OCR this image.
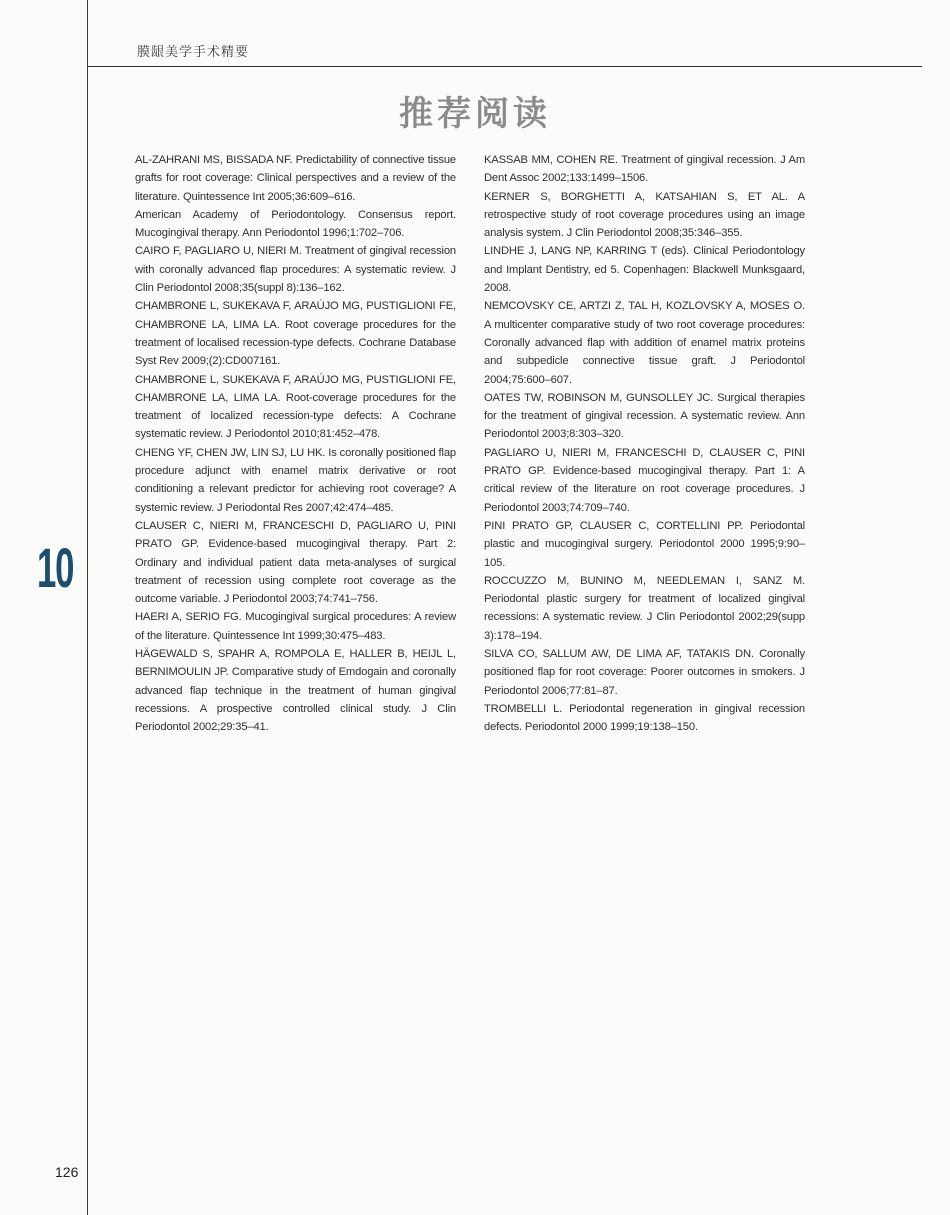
膜龈美学手术精要
推荐阅读
10

AL-ZAHRANI MS, BISSADA NF. Predictability of connective tissue grafts for root coverage: Clinical perspectives and a review of the literature. Quintessence Int 2005;36:609–616.

American Academy of Periodontology. Consensus report. Mucogingival therapy. Ann Periodontol 1996;1:702–706.

CAIRO F, PAGLIARO U, NIERI M. Treatment of gingival recession with coronally advanced flap procedures: A systematic review. J Clin Periodontol 2008;35(suppl 8):136–162.

CHAMBRONE L, SUKEKAVA F, ARAÚJO MG, PUSTIGLIONI FE, CHAMBRONE LA, LIMA LA. Root coverage procedures for the treatment of localised recession-type defects. Cochrane Database Syst Rev 2009;(2):CD007161.

CHAMBRONE L, SUKEKAVA F, ARAÚJO MG, PUSTIGLIONI FE, CHAMBRONE LA, LIMA LA. Root-coverage procedures for the treatment of localized recession-type defects: A Cochrane systematic review. J Periodontol 2010;81:452–478.

CHENG YF, CHEN JW, LIN SJ, LU HK. Is coronally positioned flap procedure adjunct with enamel matrix derivative or root conditioning a relevant predictor for achieving root coverage? A systemic review. J Periodontal Res 2007;42:474–485.

CLAUSER C, NIERI M, FRANCESCHI D, PAGLIARO U, PINI PRATO GP. Evidence-based mucogingival therapy. Part 2: Ordinary and individual patient data meta-analyses of surgical treatment of recession using complete root coverage as the outcome variable. J Periodontol 2003;74:741–756.

HAERI A, SERIO FG. Mucogingival surgical procedures: A review of the literature. Quintessence Int 1999;30:475–483.

HÄGEWALD S, SPAHR A, ROMPOLA E, HALLER B, HEIJL L, BERNIMOULIN JP. Comparative study of Emdogain and coronally advanced flap technique in the treatment of human gingival recessions. A prospective controlled clinical study. J Clin Periodontol 2002;29:35–41.

KASSAB MM, COHEN RE. Treatment of gingival recession. J Am Dent Assoc 2002;133:1499–1506.

KERNER S, BORGHETTI A, KATSAHIAN S, ET AL. A retrospective study of root coverage procedures using an image analysis system. J Clin Periodontol 2008;35:346–355.

LINDHE J, LANG NP, KARRING T (eds). Clinical Periodontology and Implant Dentistry, ed 5. Copenhagen: Blackwell Munksgaard, 2008.

NEMCOVSKY CE, ARTZI Z, TAL H, KOZLOVSKY A, MOSES O. A multicenter comparative study of two root coverage procedures: Coronally advanced flap with addition of enamel matrix proteins and subpedicle connective tissue graft. J Periodontol 2004;75:600–607.

OATES TW, ROBINSON M, GUNSOLLEY JC. Surgical therapies for the treatment of gingival recession. A systematic review. Ann Periodontol 2003;8:303–320.

PAGLIARO U, NIERI M, FRANCESCHI D, CLAUSER C, PINI PRATO GP. Evidence-based mucogingival therapy. Part 1: A critical review of the literature on root coverage procedures. J Periodontol 2003;74:709–740.

PINI PRATO GP, CLAUSER C, CORTELLINI PP. Periodontal plastic and mucogingival surgery. Periodontol 2000 1995;9:90–105.

ROCCUZZO M, BUNINO M, NEEDLEMAN I, SANZ M. Periodontal plastic surgery for treatment of localized gingival recessions: A systematic review. J Clin Periodontol 2002;29(supp 3):178–194.

SILVA CO, SALLUM AW, DE LIMA AF, TATAKIS DN. Coronally positioned flap for root coverage: Poorer outcomes in smokers. J Periodontol 2006;77:81–87.

TROMBELLI L. Periodontal regeneration in gingival recession defects. Periodontol 2000 1999;19:138–150.

126
